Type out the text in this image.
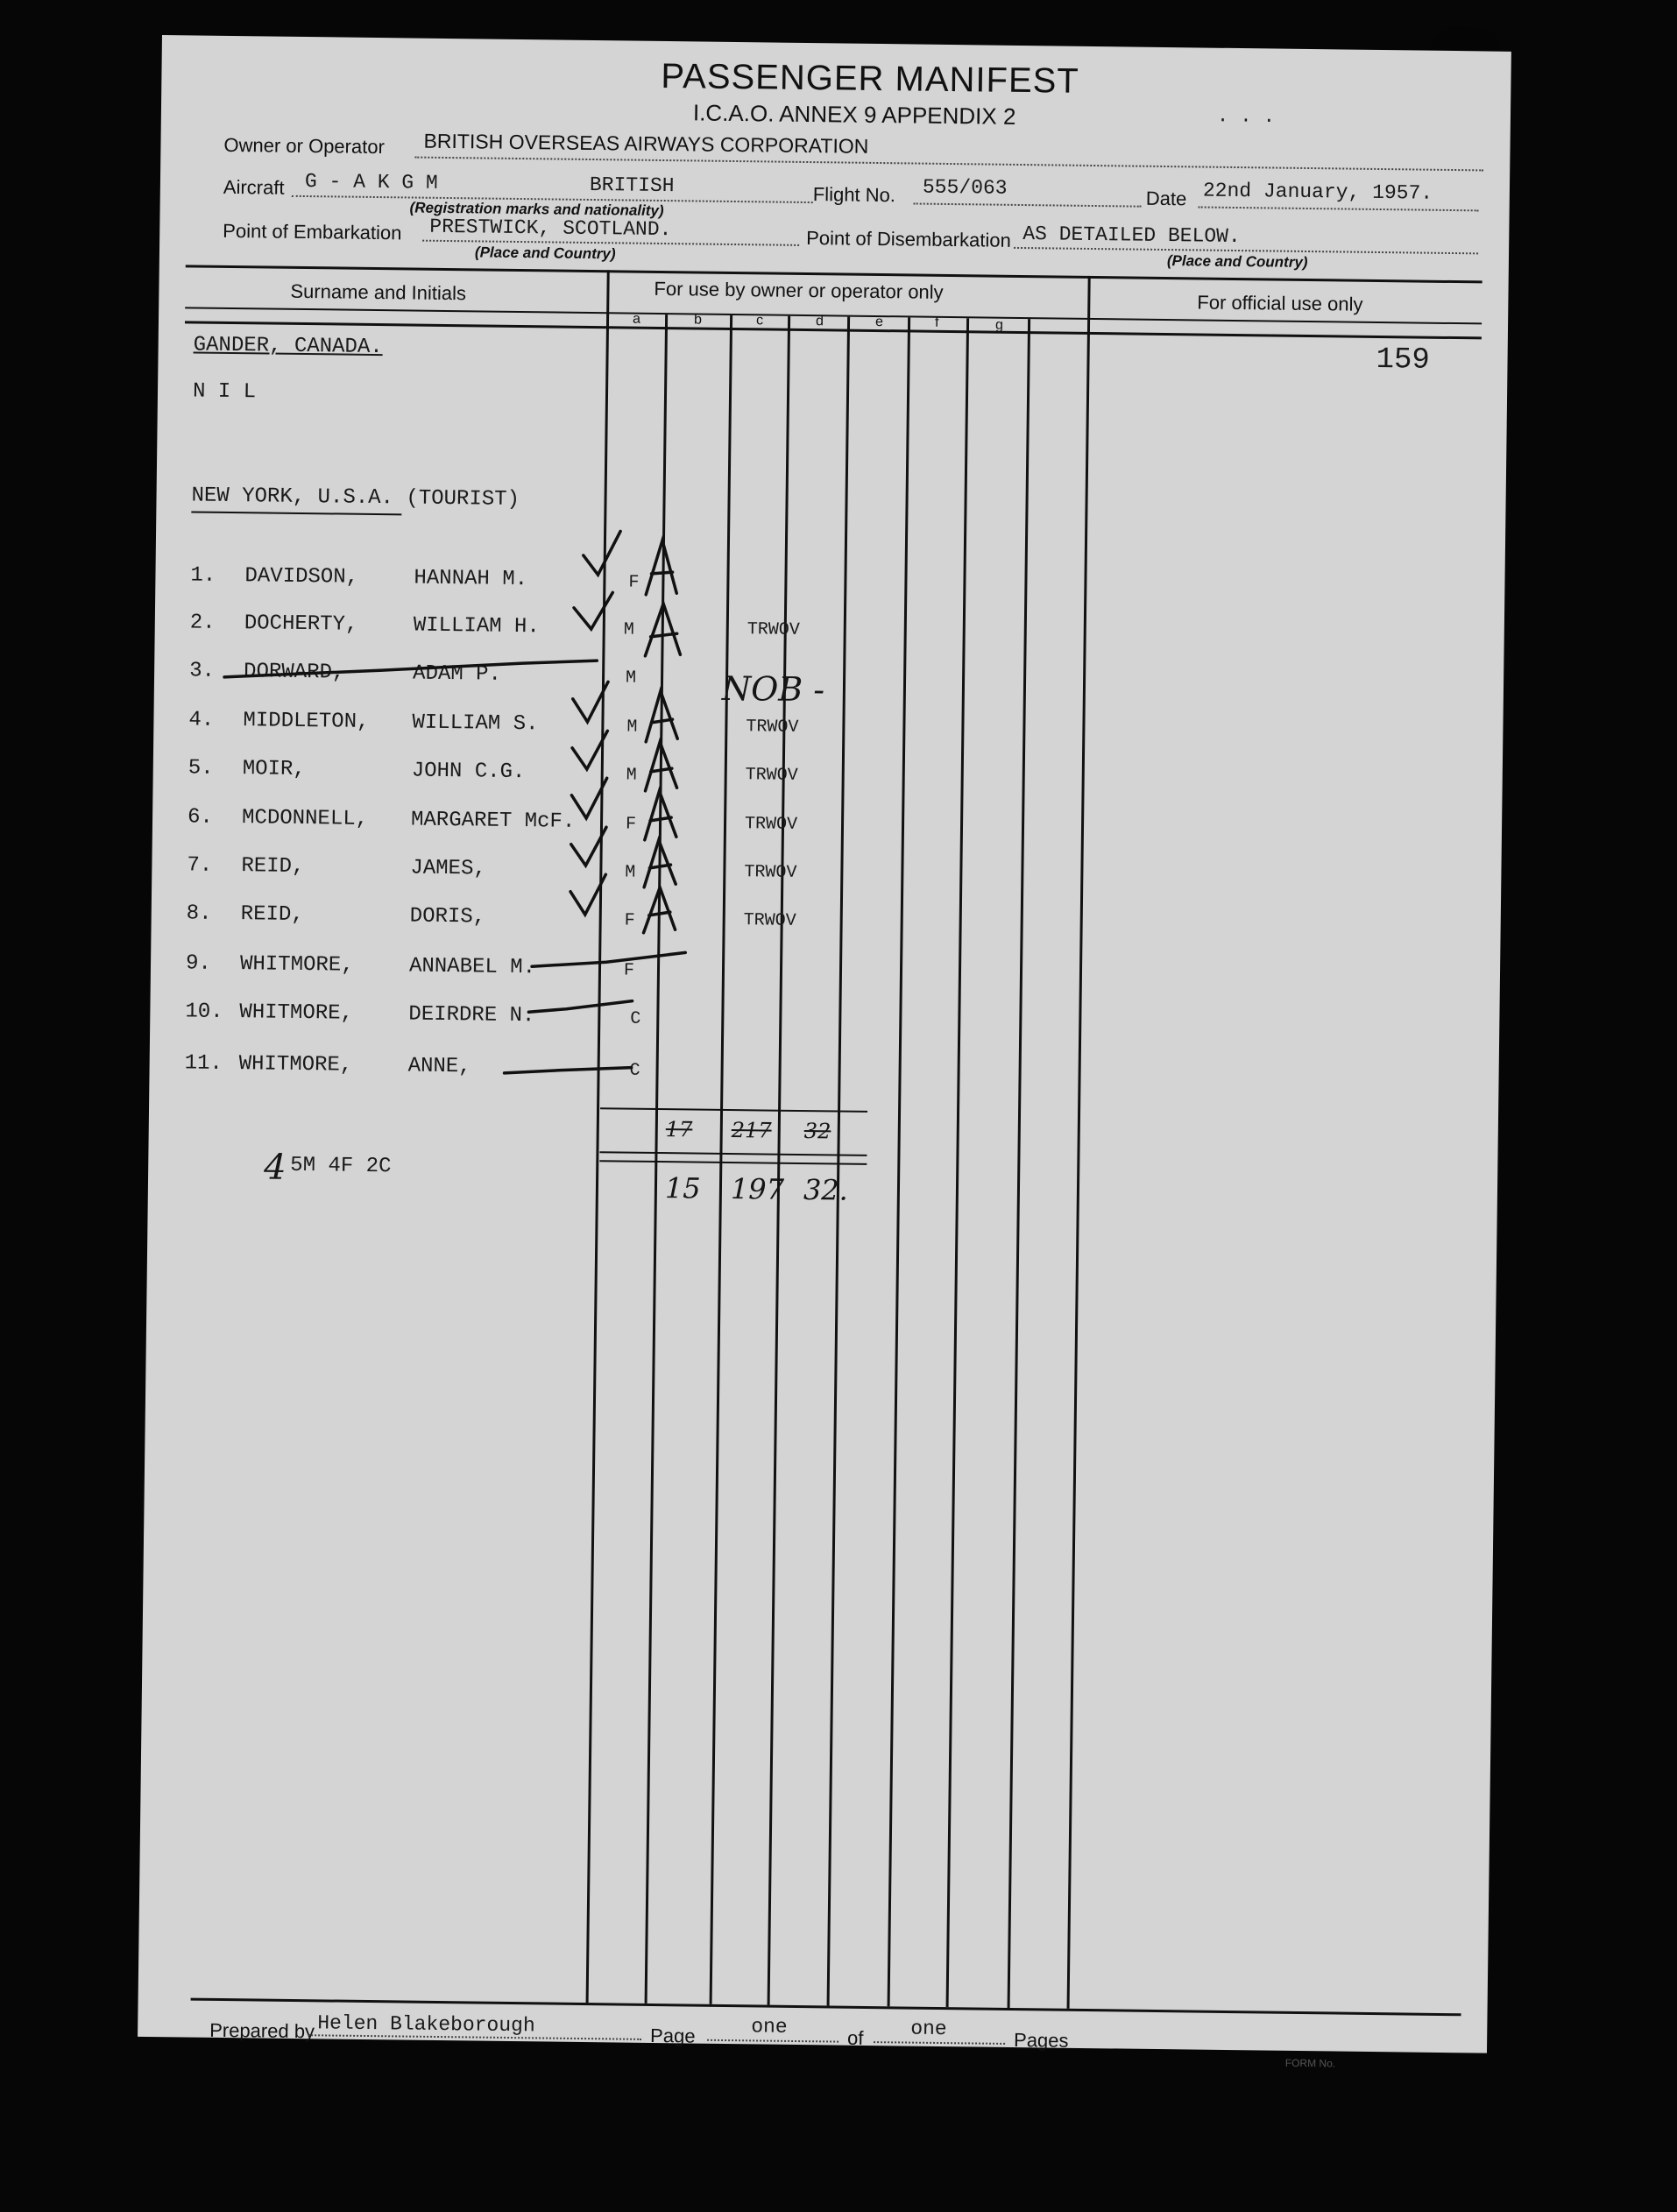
PASSENGER MANIFEST
I.C.A.O. ANNEX 9 APPENDIX 2	· · ·
Owner or Operator BRITISH OVERSEAS AIRWAYS CORPORATION
Aircraft G - A K G M	BRITISH
(Registration marks and nationality)
Flight No. 555/063	Date 22nd January, 1957.
Point of Embarkation PRESTWICK, SCOTLAND.
(Place and Country)
Point of Disembarkation AS DETAILED BELOW.
(Place and Country)
Surname and Initials	For use by owner or operator only
For official use only
a	b	c	d	e	f	g
159
GANDER, CANADA.
N I L
NEW YORK, U.S.A. (TOURIST)
1. DAVIDSON,	HANNAH M.	F
2. DOCHERTY,	WILLIAM H.	M	TRWOV
3. DORWARD,	ADAM P.	M
4. MIDDLETON, WILLIAM S.	M	TRWOV
5. MOIR,	JOHN C.G.	M	TRWOV
6. MCDONNELL, MARGARET McF.	F	TRWOV
7. REID,	JAMES,	M	TRWOV
8. REID,	DORIS,	F	TRWOV
9. WHITMORE,	ANNABEL M.	F
10. WHITMORE,	DEIRDRE N.	C
11. WHITMORE,	ANNE,	C
NOB -
17 217 32
15 197 32.
4 5M 4F 2C
Prepared by Helen Blakeborough	Page	one	of one	Pages
FORM No.
